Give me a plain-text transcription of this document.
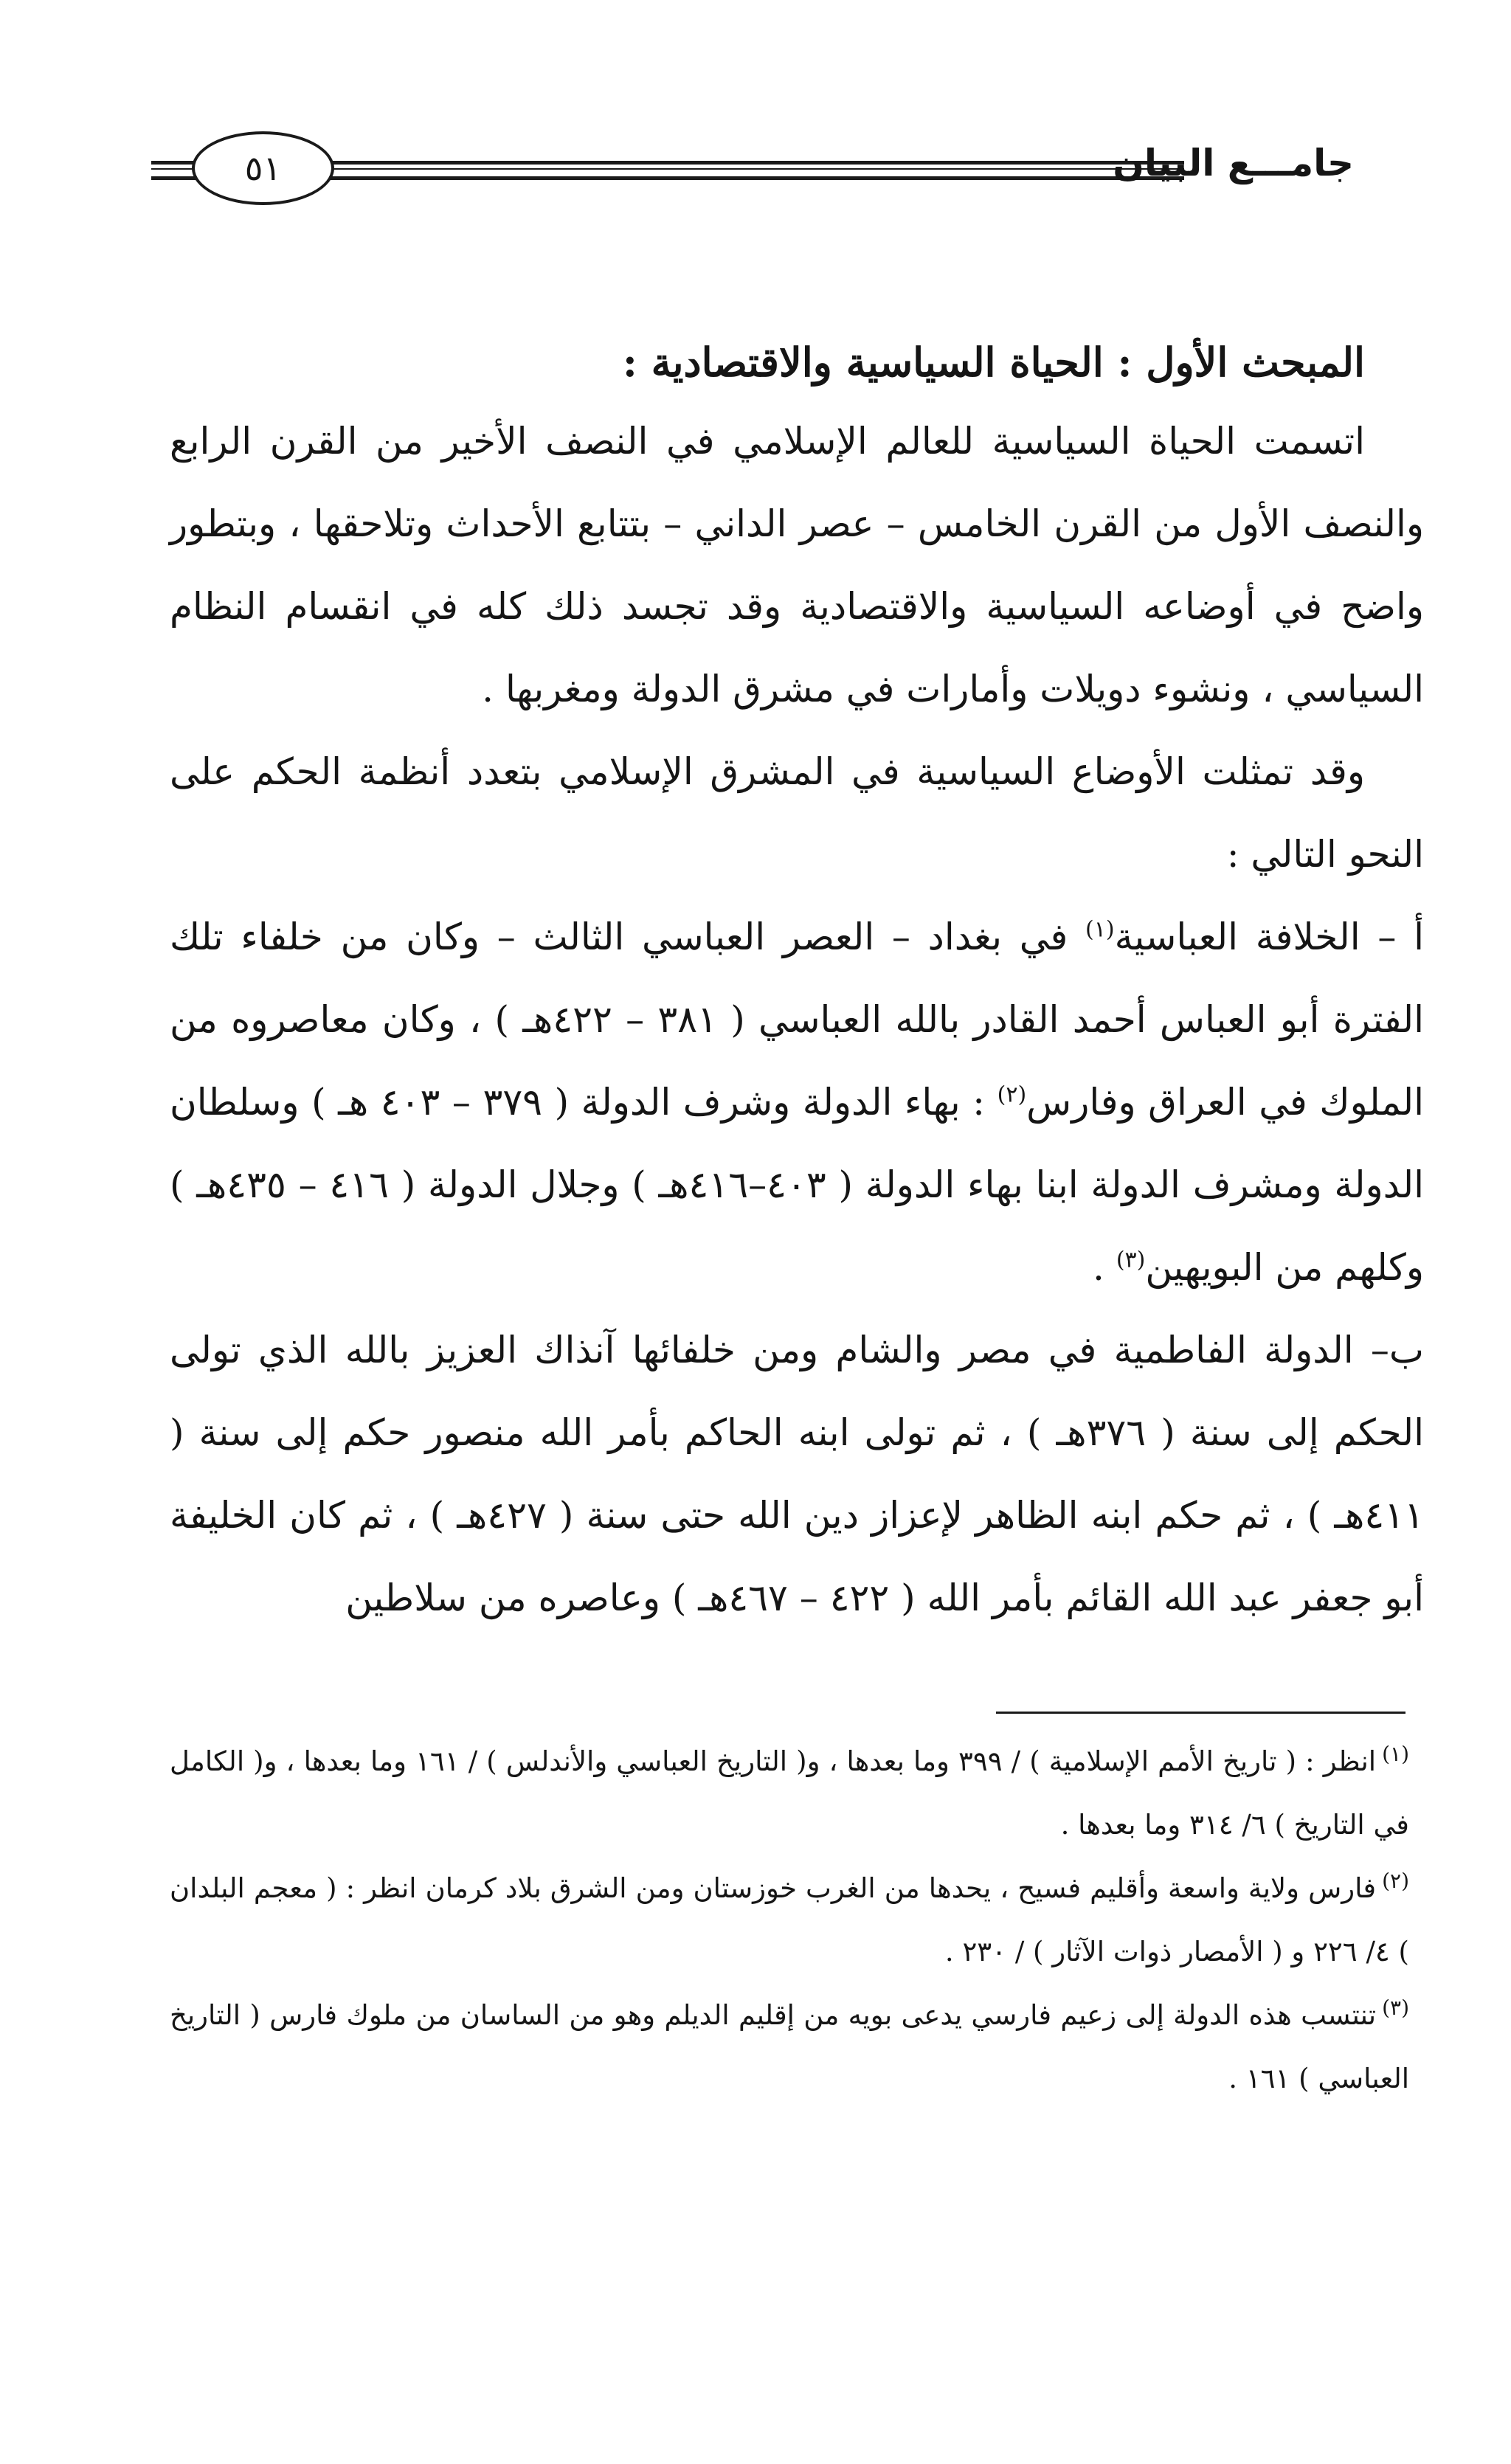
٥١	جامـــع البيان

المبحث الأول : الحياة السياسية والاقتصادية :

اتسمت الحياة السياسية للعالم الإسلامي في النصف الأخير من القرن الرابع والنصف الأول من القرن الخامس – عصر الداني – بتتابع الأحداث وتلاحقها ، وبتطور واضح في أوضاعه السياسية والاقتصادية وقد تجسد ذلك كله في انقسام النظام السياسي ، ونشوء دويلات وأمارات في مشرق الدولة ومغربها .

وقد تمثلت الأوضاع السياسية في المشرق الإسلامي بتعدد أنظمة الحكم على النحو التالي :

أ – الخلافة العباسية$^{(١)}$ في بغداد – العصر العباسي الثالث – وكان من خلفاء تلك الفترة أبو العباس أحمد القادر بالله العباسي ( ٣٨١ – ٤٢٢هـ ) ، وكان معاصروه من الملوك في العراق وفارس$^{(٢)}$ : بهاء الدولة وشرف الدولة ( ٣٧٩ – ٤٠٣ هـ ) وسلطان الدولة ومشرف الدولة ابنا بهاء الدولة ( ٤٠٣–٤١٦هـ ) وجلال الدولة ( ٤١٦ – ٤٣٥هـ ) وكلهم من البويهين$^{(٣)}$ .

ب– الدولة الفاطمية في مصر والشام ومن خلفائها آنذاك العزيز بالله الذي تولى الحكم إلى سنة ( ٣٧٦هـ ) ، ثم تولى ابنه الحاكم بأمر الله منصور حكم إلى سنة ( ٤١١هـ ) ، ثم حكم ابنه الظاهر لإعزاز دين الله حتى سنة ( ٤٢٧هـ ) ، ثم كان الخليفة أبو جعفر عبد الله القائم بأمر الله ( ٤٢٢ – ٤٦٧هـ ) وعاصره من سلاطين

$^{(١)}$انظر : ( تاريخ الأمم الإسلامية ) / ٣٩٩ وما بعدها ، و( التاريخ العباسي والأندلس ) / ١٦١ وما بعدها ، و( الكامل في التاريخ ) ٦/ ٣١٤ وما بعدها .

$^{(٢)}$فارس ولاية واسعة وأقليم فسيح ، يحدها من الغرب خوزستان ومن الشرق بلاد كرمان انظر : ( معجم البلدان ) ٤/ ٢٢٦ و ( الأمصار ذوات الآثار ) / ٢٣٠ .

$^{(٣)}$تنتسب هذه الدولة إلى زعيم فارسي يدعى بويه من إقليم الديلم وهو من الساسان من ملوك فارس ( التاريخ العباسي ) ١٦١ .
